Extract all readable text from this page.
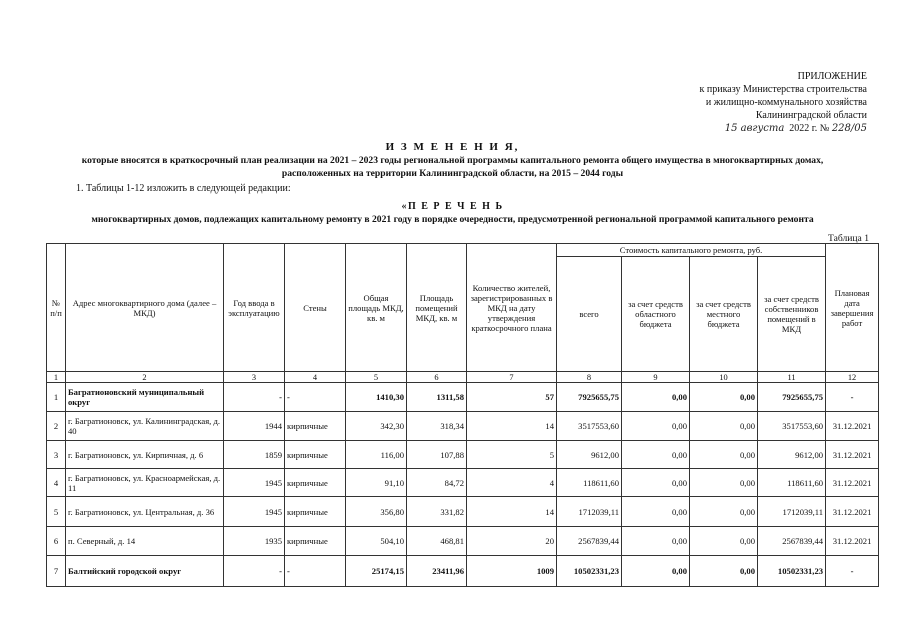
ПРИЛОЖЕНИЕ
к приказу Министерства строительства
и жилищно-коммунального хозяйства
Калининградской области
15 августа 2022 г. № 228/05
И З М Е Н Е Н И Я,
которые вносятся в краткосрочный план реализации на 2021 – 2023 годы региональной программы капитального ремонта общего имущества в многоквартирных домах,
расположенных на территории Калининградской области, на 2015 – 2044 годы
1. Таблицы 1-12 изложить в следующей редакции:
«П Е Р Е Ч Е Н Ь
многоквартирных домов, подлежащих капитальному ремонту в 2021 году в порядке очередности, предусмотренной региональной программой капитального ремонта
Таблица 1
№ п/п	Адрес многоквартирного дома (далее – МКД)	Год ввода в эксплуатацию	Стены	Общая площадь МКД, кв. м	Площадь помещений МКД, кв. м	Количество жителей, зарегистрированных в МКД на дату утверждения краткосрочного плана	Стоимость капитального ремонта, руб.				Плановая дата завершения работ
							всего	за счет средств областного бюджета	за счет средств местного бюджета	за счет средств собственников помещений в МКД	
1	2	3	4	5	6	7	8	9	10	11	12
1	Багратионовский муниципальный округ	-	-	1410,30	1311,58	57	7925655,75	0,00	0,00	7925655,75	-
2	г. Багратионовск, ул. Калининградская, д. 40	1944	кирпичные	342,30	318,34	14	3517553,60	0,00	0,00	3517553,60	31.12.2021
3	г. Багратионовск, ул. Кирпичная, д. 6	1859	кирпичные	116,00	107,88	5	9612,00	0,00	0,00	9612,00	31.12.2021
4	г. Багратионовск, ул. Красноармейская, д. 11	1945	кирпичные	91,10	84,72	4	118611,60	0,00	0,00	118611,60	31.12.2021
5	г. Багратионовск, ул. Центральная, д. 36	1945	кирпичные	356,80	331,82	14	1712039,11	0,00	0,00	1712039,11	31.12.2021
6	п. Северный, д. 14	1935	кирпичные	504,10	468,81	20	2567839,44	0,00	0,00	2567839,44	31.12.2021
7	Балтийский городской округ	-	-	25174,15	23411,96	1009	10502331,23	0,00	0,00	10502331,23	-
